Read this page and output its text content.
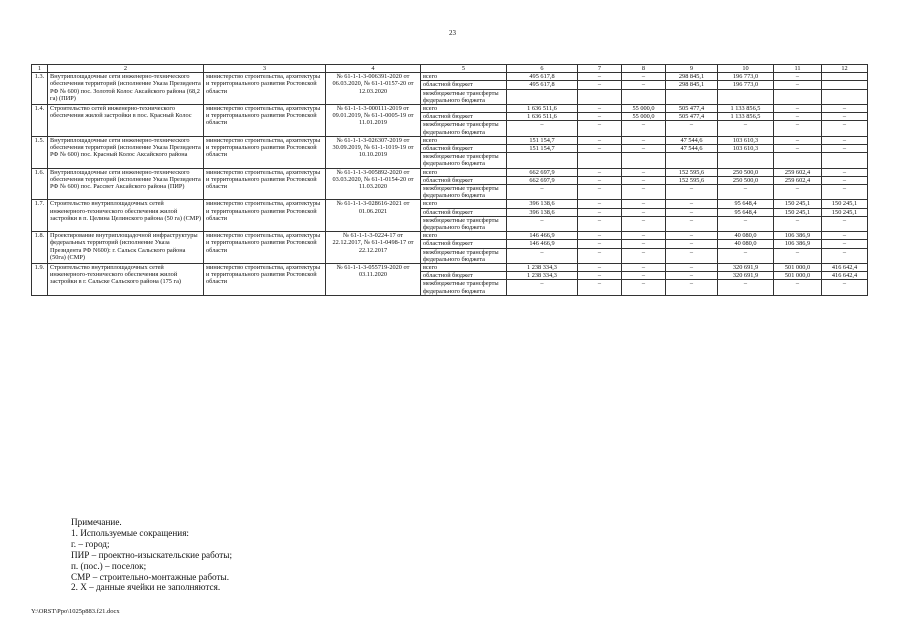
23
1	2	3	4	5	6	7	8	9	10	11	12
1.3.	Внутриплощадочные сети инженерно-технического обеспечения территорий (исполнение Указа Президента РФ № 600) пос. Золотой Колос Аксайского района (68,2 га) (ПИР)	министерство строительства, архитектуры и территориального развития Ростовской области	№ 61-1-1-3-006391-2020 от 06.03.2020, № 61-1-0157-20 от 12.03.2020	всего	495 617,8	–	–	298 845,1	196 773,0	–	
				областной бюджет	495 617,8	–	–	298 845,1	196 773,0	–	
				межбюджетные трансферты федерального бюджета							
1.4.	Строительство сетей инженерно-технического обеспечения жилой застройки в пос. Красный Колос	министерство строительства, архитектуры и территориального развития Ростовской области	№ 61-1-1-3-000111-2019 от 09.01.2019, № 61-1-0005-19 от 11.01.2019	всего	1 636 511,6	–	55 000,0	505 477,4	1 133 856,5	–	–
				областной бюджет	1 636 511,6	–	55 000,0	505 477,4	1 133 856,5	–	–
				межбюджетные трансферты федерального бюджета	–	–	–	–	–	–	–
1.5.	Внутриплощадочные сети инженерно-технического обеспечения территорий (исполнение Указа Президента РФ № 600) пос. Красный Колос Аксайского района	министерство строительства, архитектуры и территориального развития Ростовской области	№ 61-1-1-3-026307-2019 от 30.09.2019, № 61-1-1019-19 от 10.10.2019	всего	151 154,7	–	–	47 544,6	103 610,3	–	–
				областной бюджет	151 154,7	–	–	47 544,6	103 610,3	–	–
				межбюджетные трансферты федерального бюджета							
1.6.	Внутриплощадочные сети инженерно-технического обеспечения территорий (исполнение Указа Президента РФ № 600) пос. Рассвет Аксайского района (ПИР)	министерство строительства, архитектуры и территориального развития Ростовской области	№ 61-1-1-3-005892-2020 от 03.03.2020, № 61-1-0154-20 от 11.03.2020	всего	662 697,9	–	–	152 595,6	250 500,0	259 602,4	–
				областной бюджет	662 697,9	–	–	152 595,6	250 500,0	259 602,4	–
				межбюджетные трансферты федерального бюджета	–	–	–	–	–	–	–
1.7.	Строительство внутриплощадочных сетей инженерного-технического обеспечения жилой застройки в п. Целина Целинского района (50 га) (СМР)	министерство строительства, архитектуры и территориального развития Ростовской области	№ 61-1-1-3-028616-2021 от 01.06.2021	всего	396 138,6	–	–	–	95 648,4	150 245,1	150 245,1
				областной бюджет	396 138,6	–	–	–	95 648,4	150 245,1	150 245,1
				межбюджетные трансферты федерального бюджета	–	–	–	–	–	–	–
1.8.	Проектирование внутриплощадочной инфраструктуры федеральных территорий (исполнение Указа Президента РФ N600): г. Сальск Сальского района (50га) (СМР)	министерство строительства, архитектуры и территориального развития Ростовской области	№ 61-1-1-3-0224-17 от 22.12.2017, № 61-1-0498-17 от 22.12.2017	всего	146 466,9	–	–	–	40 080,0	106 386,9	–
				областной бюджет	146 466,9	–	–	–	40 080,0	106 386,9	–
				межбюджетные трансферты федерального бюджета	–	–	–	–	–	–	–
1.9.	Строительство внутриплощадочных сетей инженерного-технического обеспечения жилой застройки в г. Сальске Сальского района (175 га)	министерство строительства, архитектуры и территориального развития Ростовской области	№ 61-1-1-3-055719-2020 от 03.11.2020	всего	1 238 334,3	–	–	–	320 691,9	501 000,0	416 642,4
				областной бюджет	1 238 334,3	–	–	–	320 691,9	501 000,0	416 642,4
				межбюджетные трансферты федерального бюджета	–	–	–	–	–	–	–
Примечание.
1. Используемые сокращения:
г. – город;
ПИР – проектно-изыскательские работы;
п. (пос.) – поселок;
СМР – строительно-монтажные работы.
2. Х – данные ячейки не заполняются.
Y:\ORST\Ppo\1025p883.f21.docx
